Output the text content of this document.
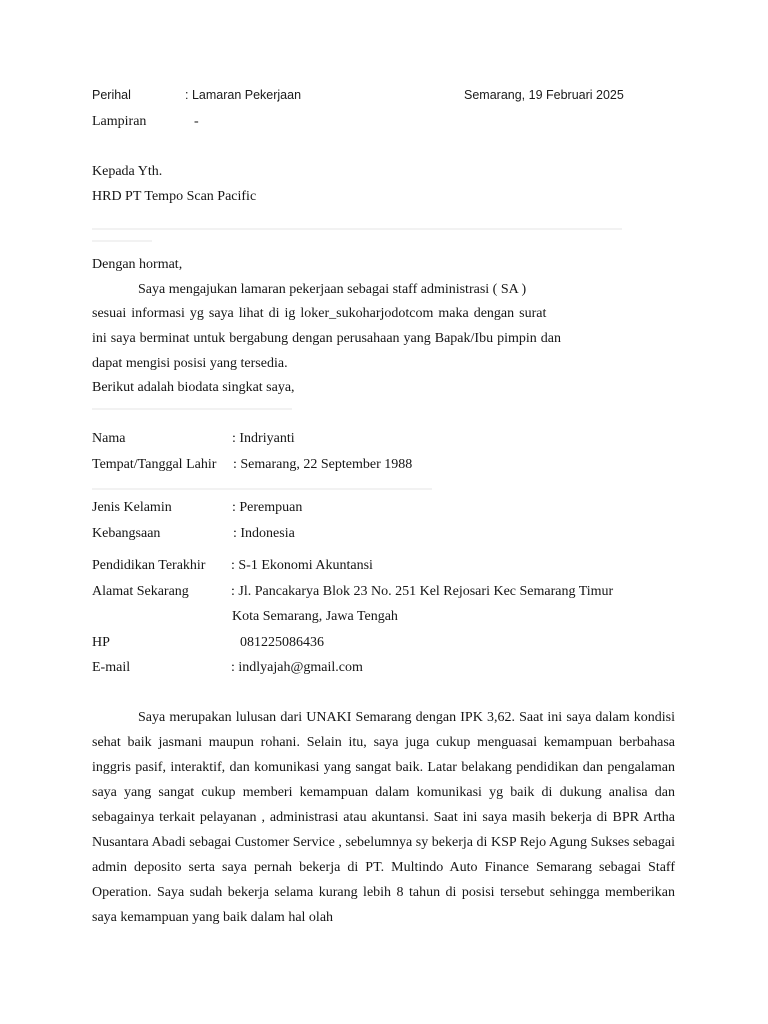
Perihal	: Lamaran Pekerjaan	Semarang, 19 Februari 2025
Lampiran	-
Kepada Yth.
HRD PT Tempo Scan Pacific
Dengan hormat,
Saya mengajukan lamaran pekerjaan sebagai staff administrasi ( SA )
sesuai informasi yg saya lihat di ig loker_sukoharjodotcom maka dengan surat
ini saya berminat untuk bergabung dengan perusahaan yang Bapak/Ibu pimpin dan
dapat mengisi posisi yang tersedia.
Berikut adalah biodata singkat saya,
Nama	: Indriyanti
Tempat/Tanggal Lahir : Semarang, 22 September 1988
Jenis Kelamin	: Perempuan
Kebangsaan	: Indonesia
Pendidikan Terakhir : S-1 Ekonomi Akuntansi
Alamat Sekarang	: Jl. Pancakarya Blok 23 No. 251 Kel Rejosari Kec Semarang Timur
Kota Semarang, Jawa Tengah
HP	081225086436
E-mail	: indlyajah@gmail.com

Saya merupakan lulusan dari UNAKI Semarang dengan IPK 3,62. Saat ini saya dalam kondisi sehat baik jasmani maupun rohani. Selain itu, saya juga cukup menguasai kemampuan berbahasa inggris pasif, interaktif, dan komunikasi yang sangat baik. Latar belakang pendidikan dan pengalaman saya yang sangat cukup memberi kemampuan dalam komunikasi yg baik di dukung analisa dan sebagainya terkait pelayanan , administrasi atau akuntansi. Saat ini saya masih bekerja di BPR Artha Nusantara Abadi sebagai Customer Service , sebelumnya sy bekerja di KSP Rejo Agung Sukses sebagai admin deposito serta saya pernah bekerja di PT. Multindo Auto Finance Semarang sebagai Staff Operation. Saya sudah bekerja selama kurang lebih 8 tahun di posisi tersebut sehingga memberikan saya kemampuan yang baik dalam hal olah
